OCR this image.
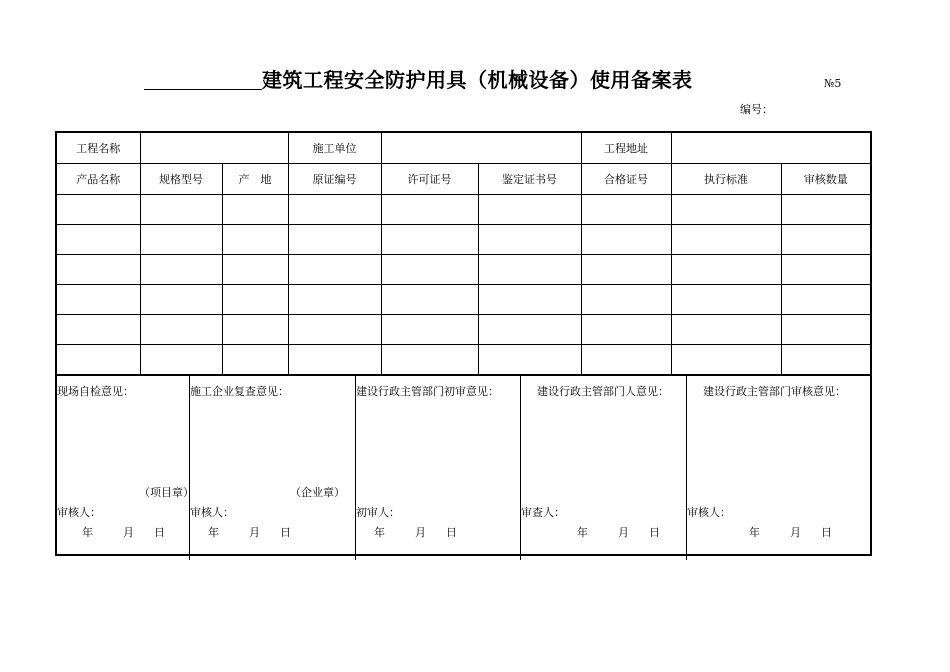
建筑工程安全防护用具（机械设备）使用备案表	№5
编号：
工程名称			施工单位			工程地址		
产品名称	规格型号	产　地	原证编号	许可证号	鉴定证书号	合格证号	执行标准	审核数量

现场自检意见：
（项目章）
审核人：
年	月 日
施工企业复查意见：
（企业章）
审核人：
年	月 日
建设行政主管部门初审意见：
初审人：
年	月 日
建设行政主管部门人意见：
审查人：
年	月 日
建设行政主管部门审核意见：
审核人：
年	月 日
